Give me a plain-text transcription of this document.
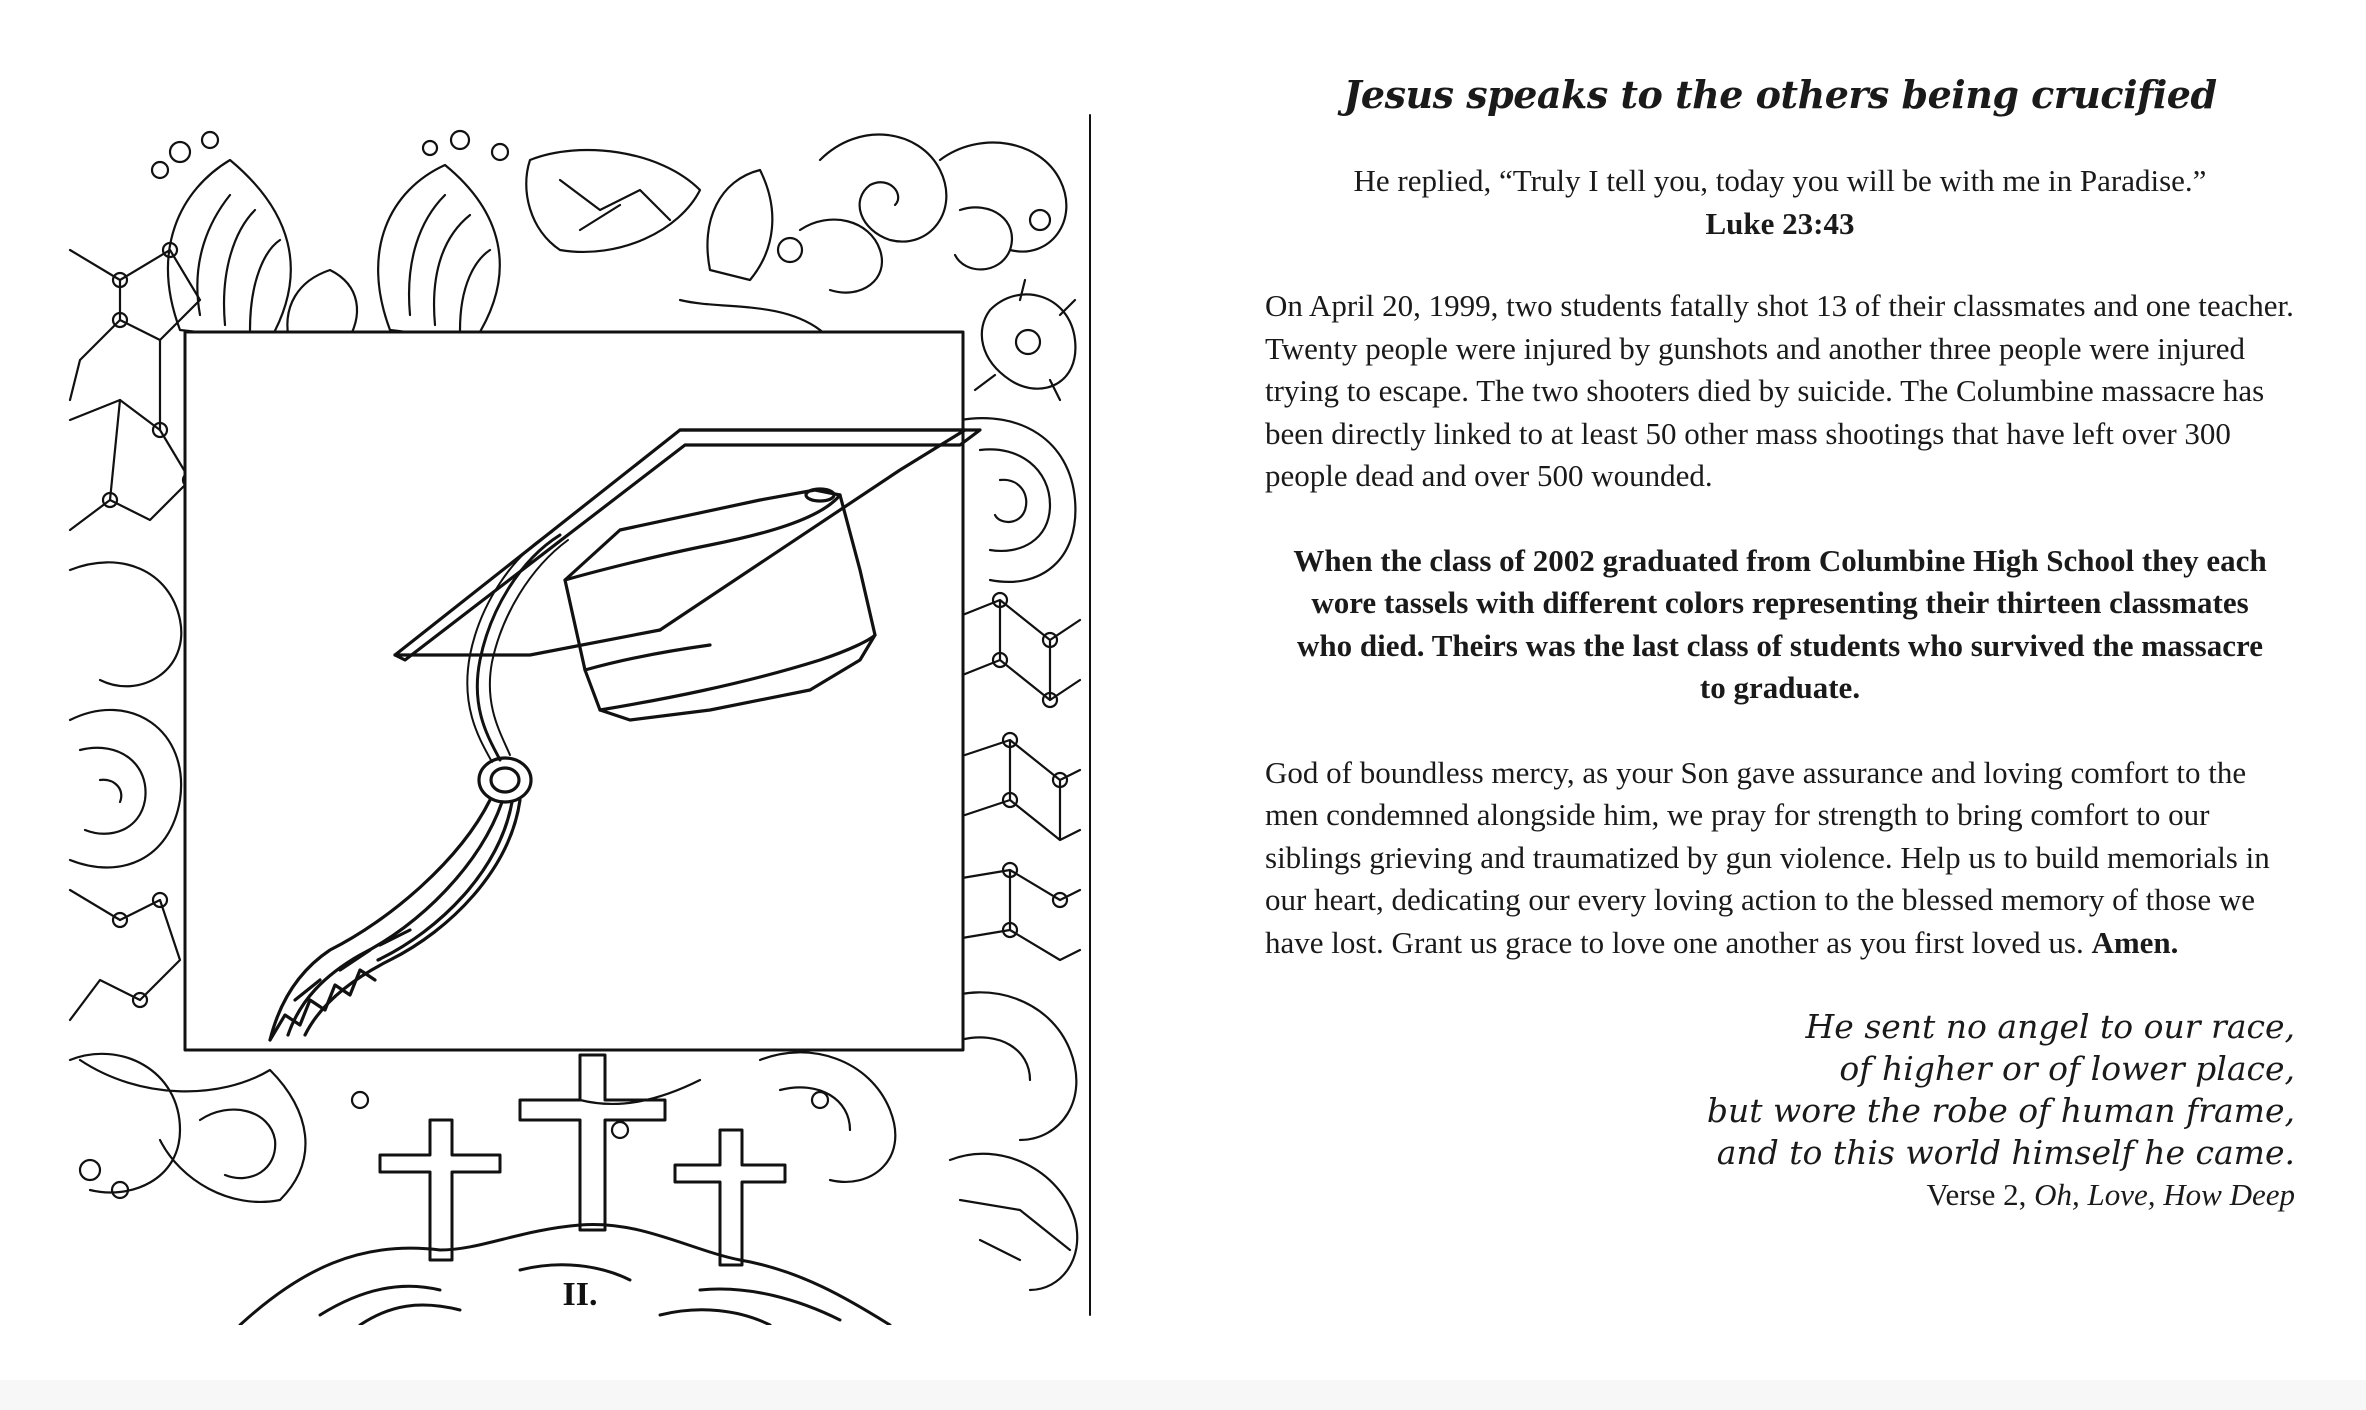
II.
Jesus speaks to the others being crucified

He replied, “Truly I tell you, today you will be with me in Paradise.”

Luke 23:43

On April 20, 1999, two students fatally shot 13 of their classmates and one teacher. Twenty people were injured by gunshots and another three people were injured trying to escape. The two shooters died by suicide. The Columbine massacre has been directly linked to at least 50 other mass shootings that have left over 300 people dead and over 500 wounded.

When the class of 2002 graduated from Columbine High School they each wore tassels with different colors representing their thirteen classmates who died. Theirs was the last class of students who survived the massacre to graduate.

God of boundless mercy, as your Son gave assurance and loving comfort to the men condemned alongside him, we pray for strength to bring comfort to our siblings grieving and traumatized by gun violence. Help us to build memorials in our heart, dedicating our every loving action to the blessed memory of those we have lost. Grant us grace to love one another as you first loved us. Amen.

He sent no angel to our race,
of higher or of lower place,
but wore the robe of human frame,
and to this world himself he came.

Verse 2, Oh, Love, How Deep
